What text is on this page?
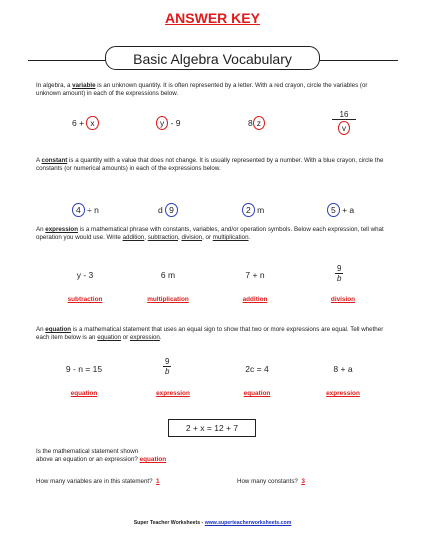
ANSWER KEY
Basic Algebra Vocabulary
In algebra, a variable is an unknown quantity. It is often represented by a letter. With a red crayon, circle the variables (or unknown amount) in each of the expressions below.
6 + x	y - 9	8 z
16
v
A constant is a quantity with a value that does not change. It is usually represented by a number. With a blue crayon, circle the constants (or numerical amounts) in each of the expressions below.
4 ÷ n	d 9	2 m	5 + a
An expression is a mathematical phrase with constants, variables, and/or operation symbols. Below each expression, tell what operation you would use. Write addition, subtraction, division, or multiplication.
y - 3	6 m	7 + n	$\frac{9}{b}$
subtraction	multiplication	addition	division
An equation is a mathematical statement that uses an equal sign to show that two or more expressions are equal. Tell whether each item below is an equation or expression.
9 - n = 15	$\frac{9}{b}$	2c = 4	8 + a
equation	expression	equation	expression
2 + x = 12 + 7
Is the mathematical statement shown
above an equation or an expression? equation
How many variables are in this statement? 1	How many constants? 3
Super Teacher Worksheets - www.superteacherworksheets.com
